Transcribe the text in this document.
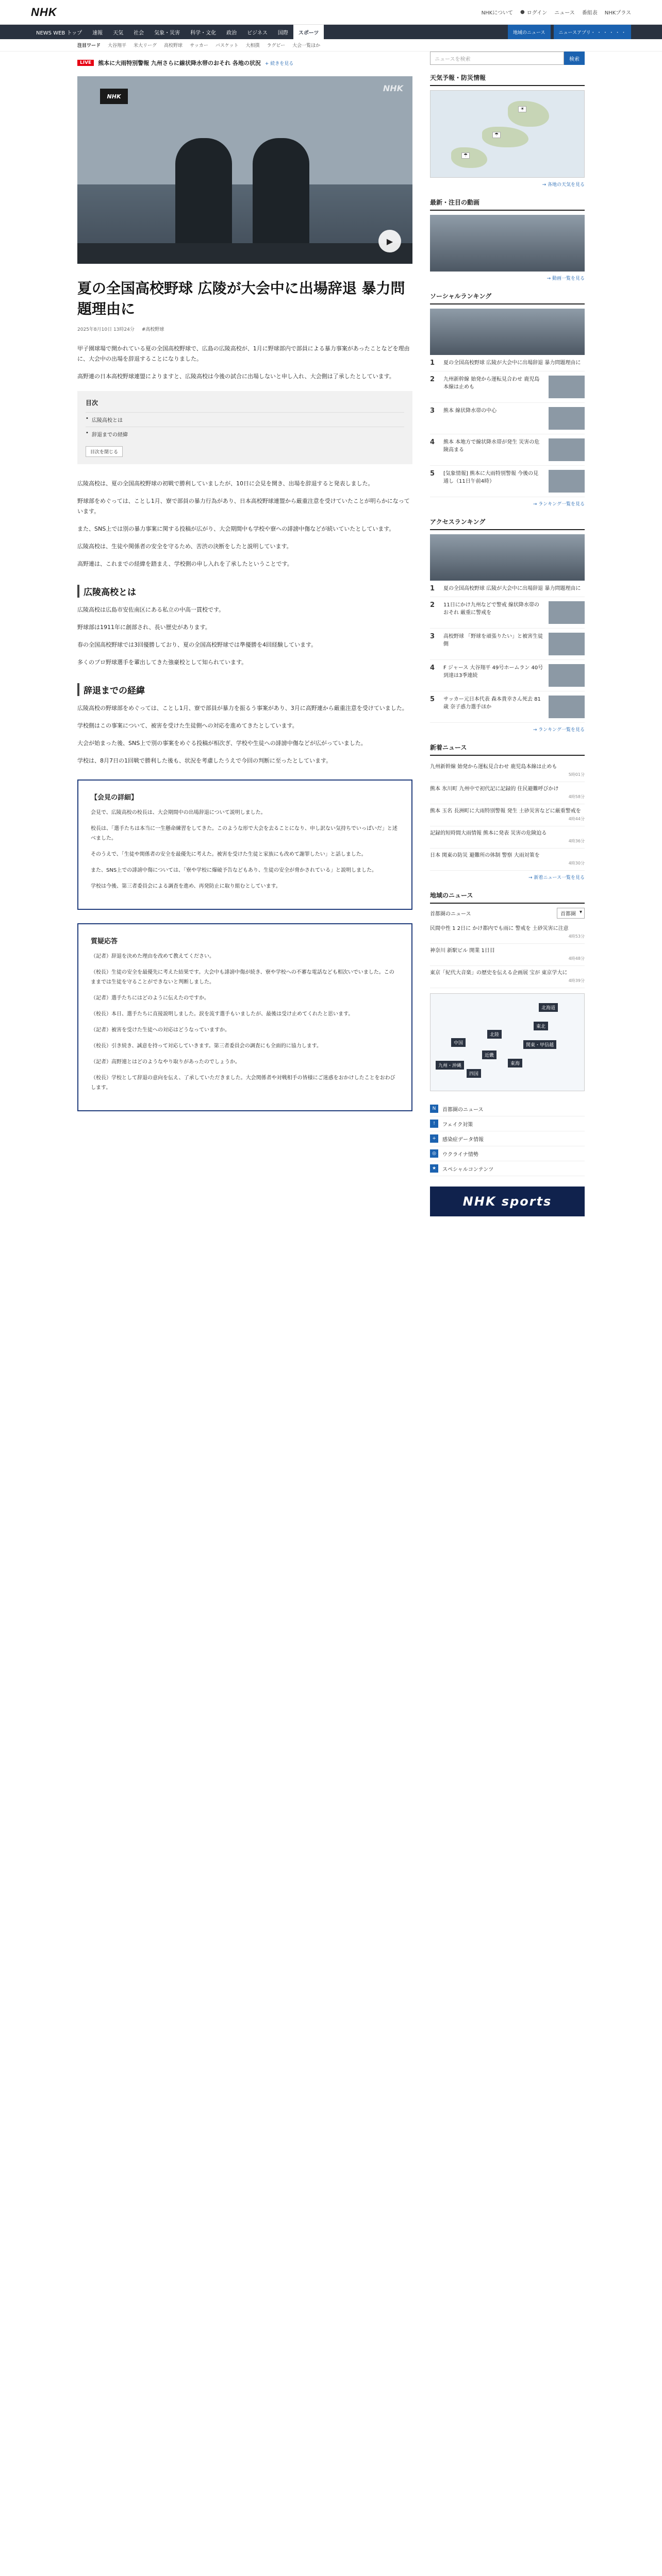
NHK	NHKについて ● ログイン ニュース 番組表 NHKプラス
NEWS WEB トップ	速報	天気	社会	気象・災害	科学・文化	政治	ビジネス	国際	スポーツ	地域のニュース	ニュースアプリ・ ・ ・ ・ ・ ・
注目ワード 大谷翔平 米大リーグ 高校野球 サッカー バスケット 大相撲 ラグビー 大会一覧ほか
LIVE	熊本に大雨特別警報 九州さらに線状降水帯のおそれ 各地の状況 + 続きを見る
NHK
NHK
▶
夏の全国高校野球 広陵が大会中に出場辞退 暴力問題理由に
2025年8月10日 13時24分 #高校野球

甲子園球場で開かれている夏の全国高校野球で、広島の広陵高校が、1月に野球部内で部員による暴力事案があったことなどを理由に、大会中の出場を辞退することになりました。

高野連の日本高校野球連盟によりますと、広陵高校は今後の試合に出場しないと申し入れ、大会側は了承したとしています。

目次
• 広陵高校とは
• 辞退までの経緯
目次を閉じる

広陵高校は、夏の全国高校野球の初戦で勝利していましたが、10日に会見を開き、出場を辞退すると発表しました。

野球部をめぐっては、ことし1月、寮で部員の暴力行為があり、日本高校野球連盟から厳重注意を受けていたことが明らかになっています。

また、SNS上では別の暴力事案に関する投稿が広がり、大会期間中も学校や寮への誹謗中傷などが続いていたとしています。

広陵高校は、生徒や関係者の安全を守るため、苦渋の決断をしたと説明しています。

高野連は、これまでの経緯を踏まえ、学校側の申し入れを了承したということです。

広陵高校とは

広陵高校は広島市安佐南区にある私立の中高一貫校です。

野球部は1911年に創部され、長い歴史があります。

春の全国高校野球では3回優勝しており、夏の全国高校野球では準優勝を4回経験しています。

多くのプロ野球選手を輩出してきた強豪校として知られています。

辞退までの経緯

広陵高校の野球部をめぐっては、ことし1月、寮で部員が暴力を振るう事案があり、3月に高野連から厳重注意を受けていました。

学校側はこの事案について、被害を受けた生徒側への対応を進めてきたとしています。

大会が始まった後、SNS上で別の事案をめぐる投稿が相次ぎ、学校や生徒への誹謗中傷などが広がっていました。

学校は、8月7日の1回戦で勝利した後も、状況を考慮したうえで今回の判断に至ったとしています。

【会見の詳細】

会見で、広陵高校の校長は、大会期間中の出場辞退について説明しました。

校長は、「選手たちは本当に一生懸命練習をしてきた。このような形で大会を去ることになり、申し訳ない気持ちでいっぱいだ」と述べました。

そのうえで、「生徒や関係者の安全を最優先に考えた。被害を受けた生徒と家族にも改めて謝罪したい」と話しました。

また、SNS上での誹謗中傷については、「寮や学校に爆破予告などもあり、生徒の安全が脅かされている」と説明しました。

学校は今後、第三者委員会による調査を進め、再発防止に取り組むとしています。

質疑応答

（記者）辞退を決めた理由を改めて教えてください。

（校長）生徒の安全を最優先に考えた結果です。大会中も誹謗中傷が続き、寮や学校への不審な電話なども相次いでいました。このままでは生徒を守ることができないと判断しました。

（記者）選手たちにはどのように伝えたのですか。

（校長）本日、選手たちに直接説明しました。涙を流す選手もいましたが、最後は受け止めてくれたと思います。

（記者）被害を受けた生徒への対応はどうなっていますか。

（校長）引き続き、誠意を持って対応していきます。第三者委員会の調査にも全面的に協力します。

（記者）高野連とはどのようなやり取りがあったのでしょうか。

（校長）学校として辞退の意向を伝え、了承していただきました。大会関係者や対戦相手の皆様にご迷惑をおかけしたことをおわびします。

ニュースを検索	検索
天気予報・防災情報
☀
☂
☂
→ 各地の天気を見る
最新・注目の動画
→ 動画一覧を見る
ソーシャルランキング
1	夏の全国高校野球 広陵が大会中に出場辞退 暴力問題理由に
2	九州新幹線 始発から運転見合わせ 鹿児島本線は止めも
3	熊本 線状降水帯の中心
4	熊本 本地方で線状降水帯が発生 災害の危険高まる
5	[気象情報] 熊本に大雨特別警報 今後の見通し（11日午前4時）
→ ランキング一覧を見る
アクセスランキング
1	夏の全国高校野球 広陵が大会中に出場辞退 暴力問題理由に
2	11日にかけ九州などで警戒 線状降水帯のおそれ 厳重に警戒を
3	高校野球 「野球を頑張りたい」と被害生徒側
4	F ジャース 大谷翔平 49号ホームラン 40号到達は3季連続
5	サッカー元日本代表 森本貴幸さん死去 81歳 奈子惑力選手ほか
→ ランキング一覧を見る
新着ニュース
九州新幹線 始発から運転見合わせ 鹿児島本線は止めも
5時01分
熊本 氷川町 九州中で初代記に記録的 住民避難呼びかけ
4時58分
熊本 玉名 長洲町に大雨特別警報 発生 土砂災害などに厳重警戒を
4時44分
記録的短時間大雨情報 熊本に発表 災害の危険迫る
4時36分
日本 関東の防災 避難所の体制 警察 大雨対策を
4時30分
→ 新着ニュース一覧を見る
地域のニュース
首都圏のニュース	首都圏 ▾
民間中性 1 2日に かけ都内でも雨に 警戒を 土砂災害に注意
4時53分
神奈川 新駅ビル 開業 1日目
4時48分
東京「紀代大音楽」の歴史を伝える企画展 宝が 東京学大に
4時39分
北海道
東北
関東・甲信越
東海
近畿
中国
四国
九州・沖縄
北陸
N	首都圏のニュース
!	フェイク対策
+	感染症データ情報
◎	ウクライナ情勢
★	スペシャルコンテンツ
NHK sports
